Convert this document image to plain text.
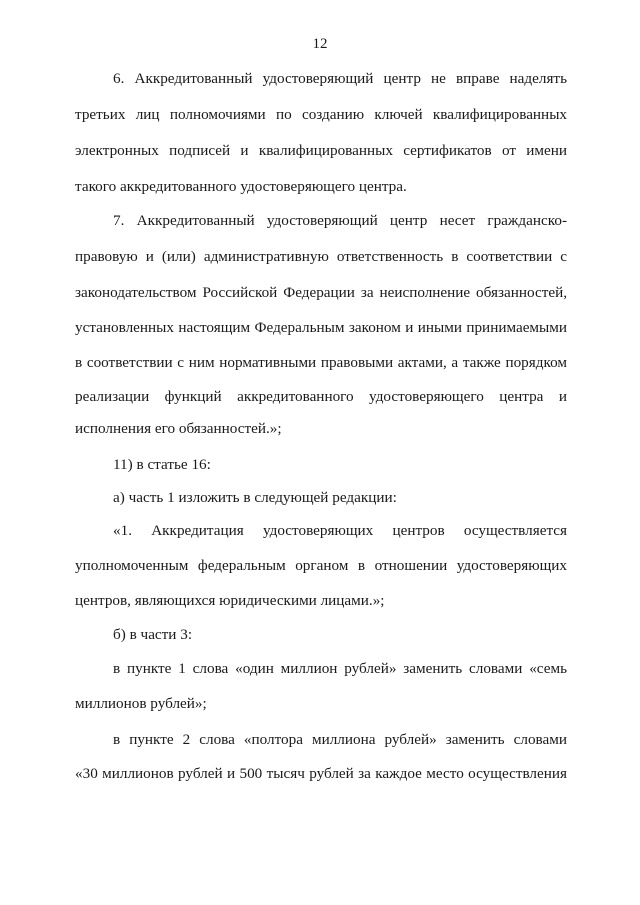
12
6. Аккредитованный удостоверяющий центр не вправе наделять
третьих лиц полномочиями по созданию ключей квалифицированных
электронных подписей и квалифицированных сертификатов от имени
такого аккредитованного удостоверяющего центра.
7. Аккредитованный удостоверяющий центр несет гражданско-
правовую и (или) административную ответственность в соответствии с
законодательством Российской Федерации за неисполнение обязанностей,
установленных настоящим Федеральным законом и иными принимаемыми
в соответствии с ним нормативными правовыми актами, а также порядком
реализации функций аккредитованного удостоверяющего центра и
исполнения его обязанностей.»;
11) в статье 16:
а) часть 1 изложить в следующей редакции:
«1. Аккредитация удостоверяющих центров осуществляется
уполномоченным федеральным органом в отношении удостоверяющих
центров, являющихся юридическими лицами.»;
б) в части 3:
в пункте 1 слова «один миллион рублей» заменить словами «семь
миллионов рублей»;
в пункте 2 слова «полтора миллиона рублей» заменить словами
«30 миллионов рублей и 500 тысяч рублей за каждое место осуществления
